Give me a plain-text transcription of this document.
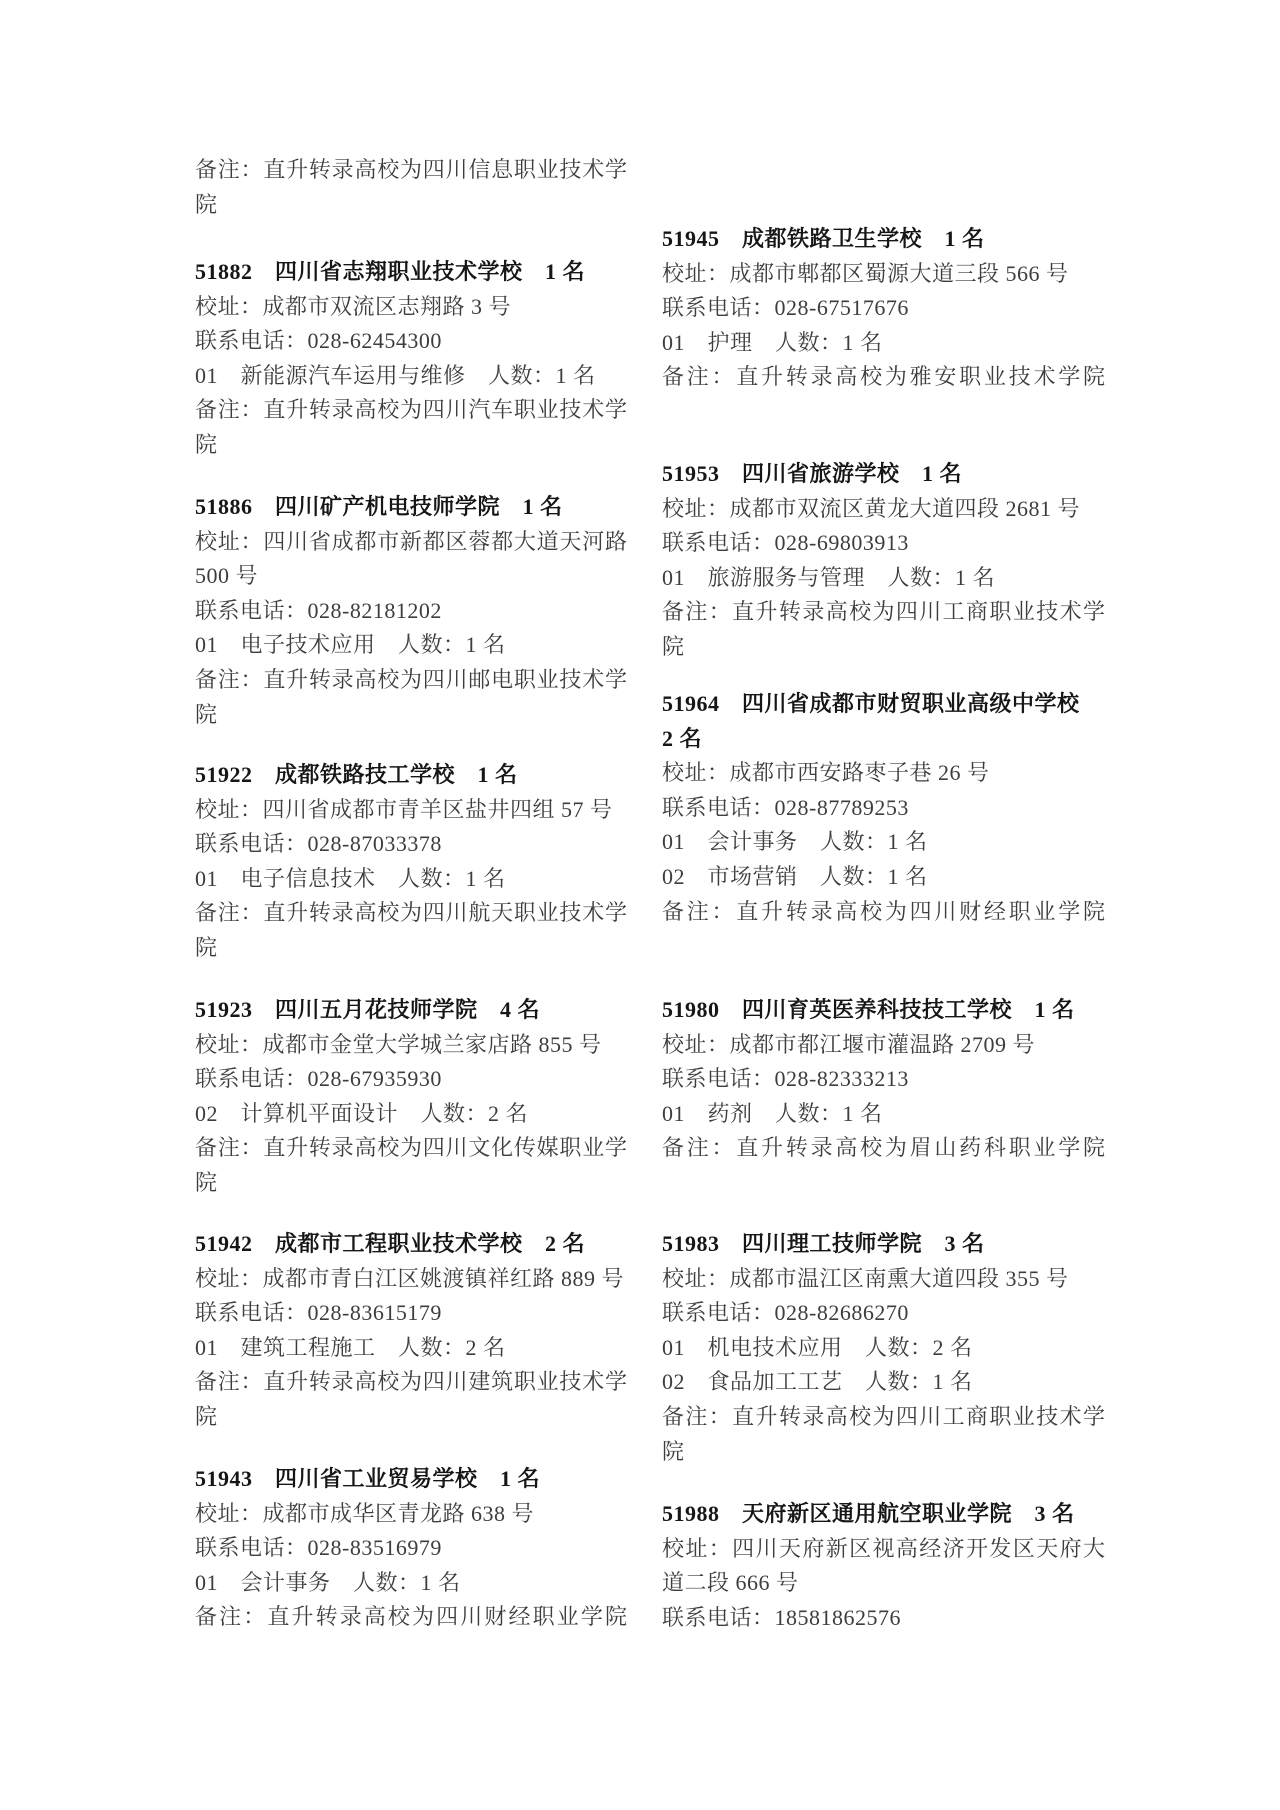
备注：直升转录高校为四川信息职业技术学
院
51882　四川省志翔职业技术学校　1 名
校址：成都市双流区志翔路 3 号
联系电话：028-62454300
01　新能源汽车运用与维修　人数：1 名
备注：直升转录高校为四川汽车职业技术学
院
51886　四川矿产机电技师学院　1 名
校址：四川省成都市新都区蓉都大道天河路
500 号
联系电话：028-82181202
01　电子技术应用　人数：1 名
备注：直升转录高校为四川邮电职业技术学
院
51922　成都铁路技工学校　1 名
校址：四川省成都市青羊区盐井四组 57 号
联系电话：028-87033378
01　电子信息技术　人数：1 名
备注：直升转录高校为四川航天职业技术学
院
51923　四川五月花技师学院　4 名
校址：成都市金堂大学城兰家店路 855 号
联系电话：028-67935930
02　计算机平面设计　人数：2 名
备注：直升转录高校为四川文化传媒职业学
院
51942　成都市工程职业技术学校　2 名
校址：成都市青白江区姚渡镇祥红路 889 号
联系电话：028-83615179
01　建筑工程施工　人数：2 名
备注：直升转录高校为四川建筑职业技术学
院
51943　四川省工业贸易学校　1 名
校址：成都市成华区青龙路 638 号
联系电话：028-83516979
01　会计事务　人数：1 名
备注：直升转录高校为四川财经职业学院
51945　成都铁路卫生学校　1 名
校址：成都市郫都区蜀源大道三段 566 号
联系电话：028-67517676
01　护理　人数：1 名
备注：直升转录高校为雅安职业技术学院
51953　四川省旅游学校　1 名
校址：成都市双流区黄龙大道四段 2681 号
联系电话：028-69803913
01　旅游服务与管理　人数：1 名
备注：直升转录高校为四川工商职业技术学
院
51964　四川省成都市财贸职业高级中学校
2 名
校址：成都市西安路枣子巷 26 号
联系电话：028-87789253
01　会计事务　人数：1 名
02　市场营销　人数：1 名
备注：直升转录高校为四川财经职业学院
51980　四川育英医养科技技工学校　1 名
校址：成都市都江堰市灌温路 2709 号
联系电话：028-82333213
01　药剂　人数：1 名
备注：直升转录高校为眉山药科职业学院
51983　四川理工技师学院　3 名
校址：成都市温江区南熏大道四段 355 号
联系电话：028-82686270
01　机电技术应用　人数：2 名
02　食品加工工艺　人数：1 名
备注：直升转录高校为四川工商职业技术学
院
51988　天府新区通用航空职业学院　3 名
校址：四川天府新区视高经济开发区天府大
道二段 666 号
联系电话：18581862576
